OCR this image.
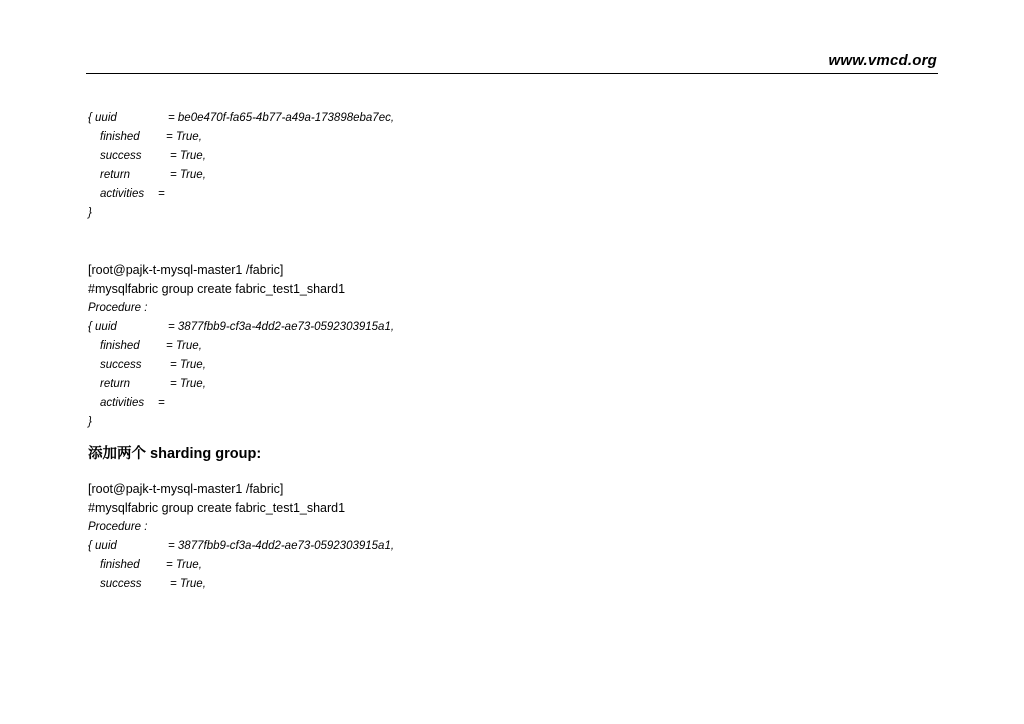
www.vmcd.org
{ uuid	= be0e470f-fa65-4b77-a49a-173898eba7ec,
finished = True,
success = True,
return	= True,
activities =
}
[root@pajk-t-mysql-master1 /fabric]
#mysqlfabric group create fabric_test1_shard1
Procedure :
{ uuid	= 3877fbb9-cf3a-4dd2-ae73-0592303915a1,
finished = True,
success = True,
return	= True,
activities =
}
添加两个 sharding group:
[root@pajk-t-mysql-master1 /fabric]
#mysqlfabric group create fabric_test1_shard1
Procedure :
{ uuid	= 3877fbb9-cf3a-4dd2-ae73-0592303915a1,
finished = True,
success = True,
